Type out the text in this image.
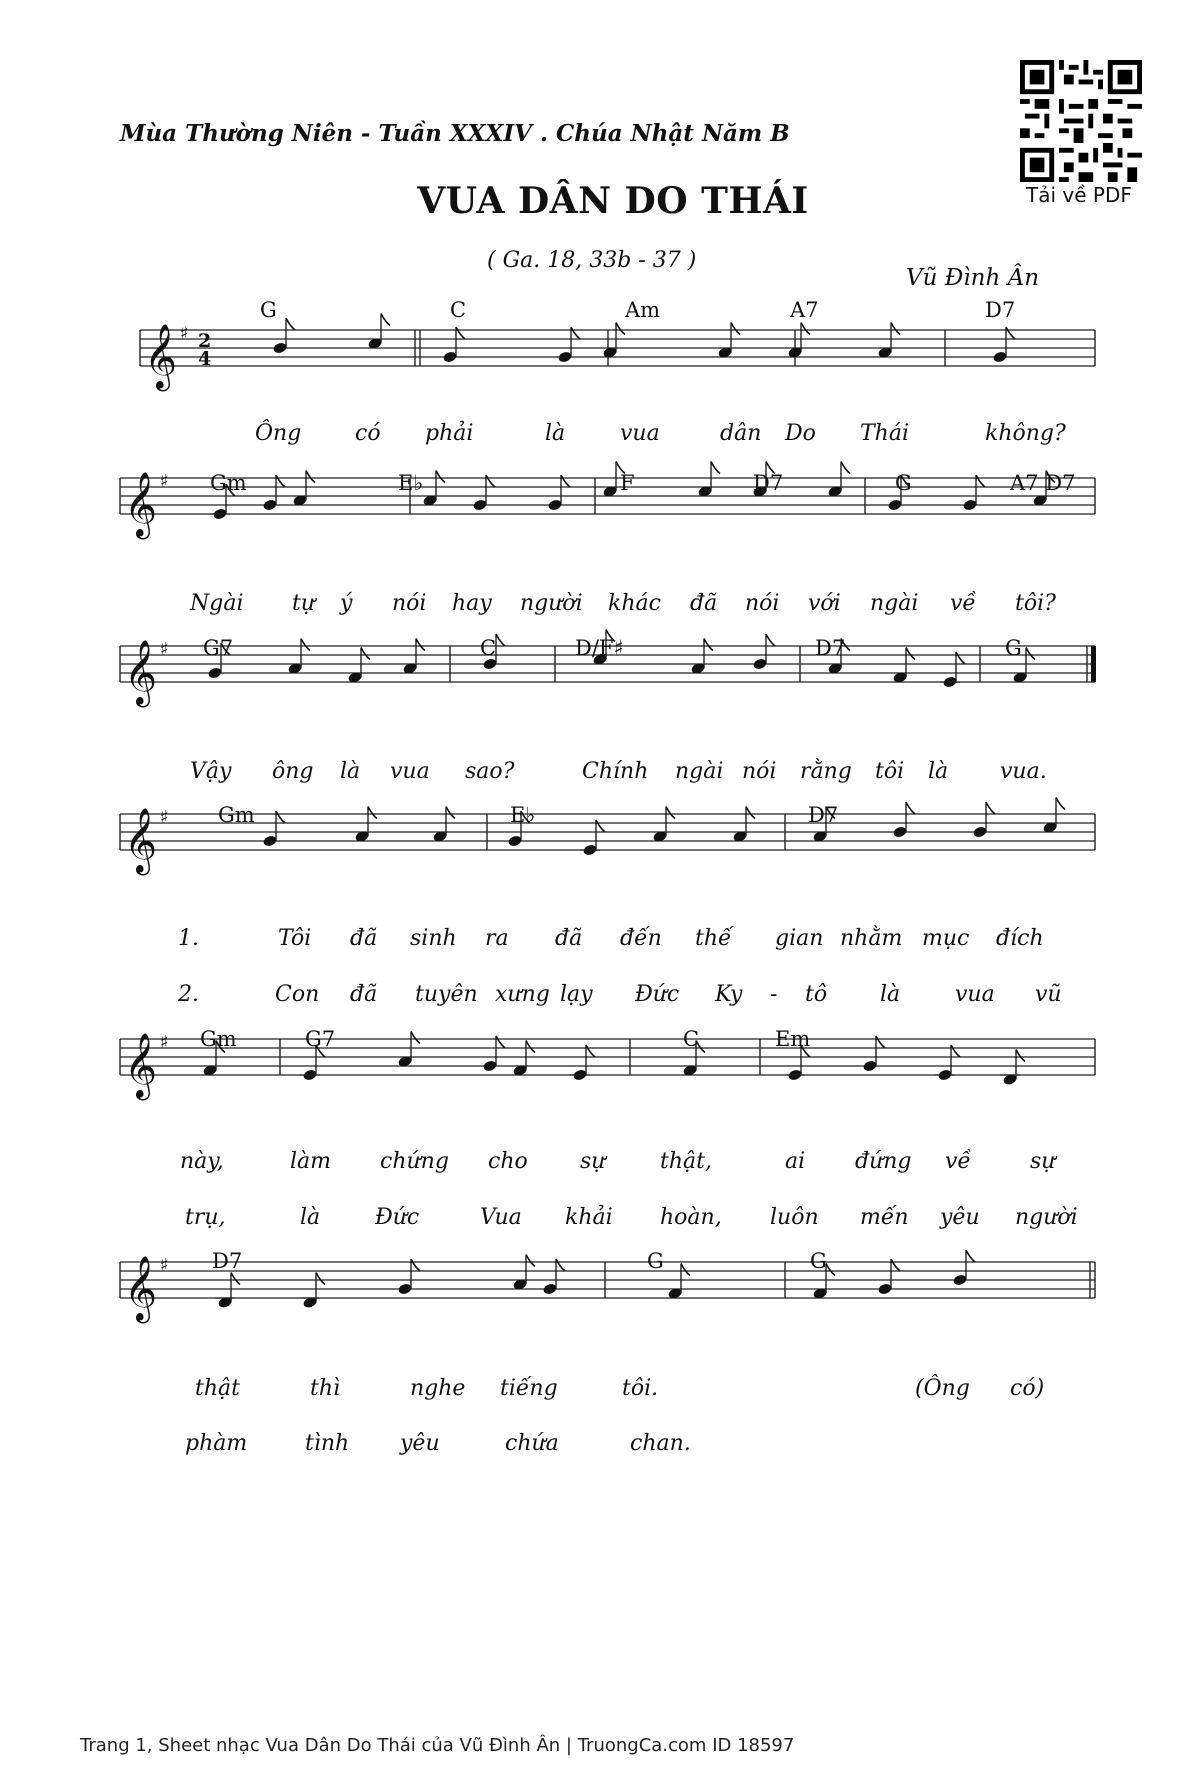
Mùa Thường Niên - Tuần XXXIV . Chúa Nhật Năm B
VUA DÂN DO THÁI
( Ga. 18, 33b - 37 )
Vũ Đình Ân
Tải về PDF
𝄞 ♯ 2
4
G	C	Am	A7	D7
Ông có phải	là vua	dân Do Thái	không?
𝄞 ♯ Gm	E♭	F	D7	G	A7 D7
Ngài tự ý nói hay người khác đã nói với ngài về tôi?
𝄞 ♯ G7	C	D/F♯	D7	G
Vậy ông là vua sao?	Chính ngài nói rằng tôi là vua.
𝄞 ♯ Gm	E♭	D7
1.	Tôi đã sinh ra đã đến thế gian nhằm mục đích
2.	Con đã tuyên xưng lạy Đức Ky - tô là vua vũ
𝄞 ♯ Gm	G7	C	Em
này,	làm chứng cho sự thật,	ai đứng về	sự
trụ,	là Đức	Vua khải hoàn, luôn mến yêu người
𝄞 ♯ D7	G	G
thật	thì	nghe tiếng	tôi.	(Ông có)
phàm	tình yêu	chứa	chan.
Trang 1, Sheet nhạc Vua Dân Do Thái của Vũ Đình Ân | TruongCa.com ID 18597
